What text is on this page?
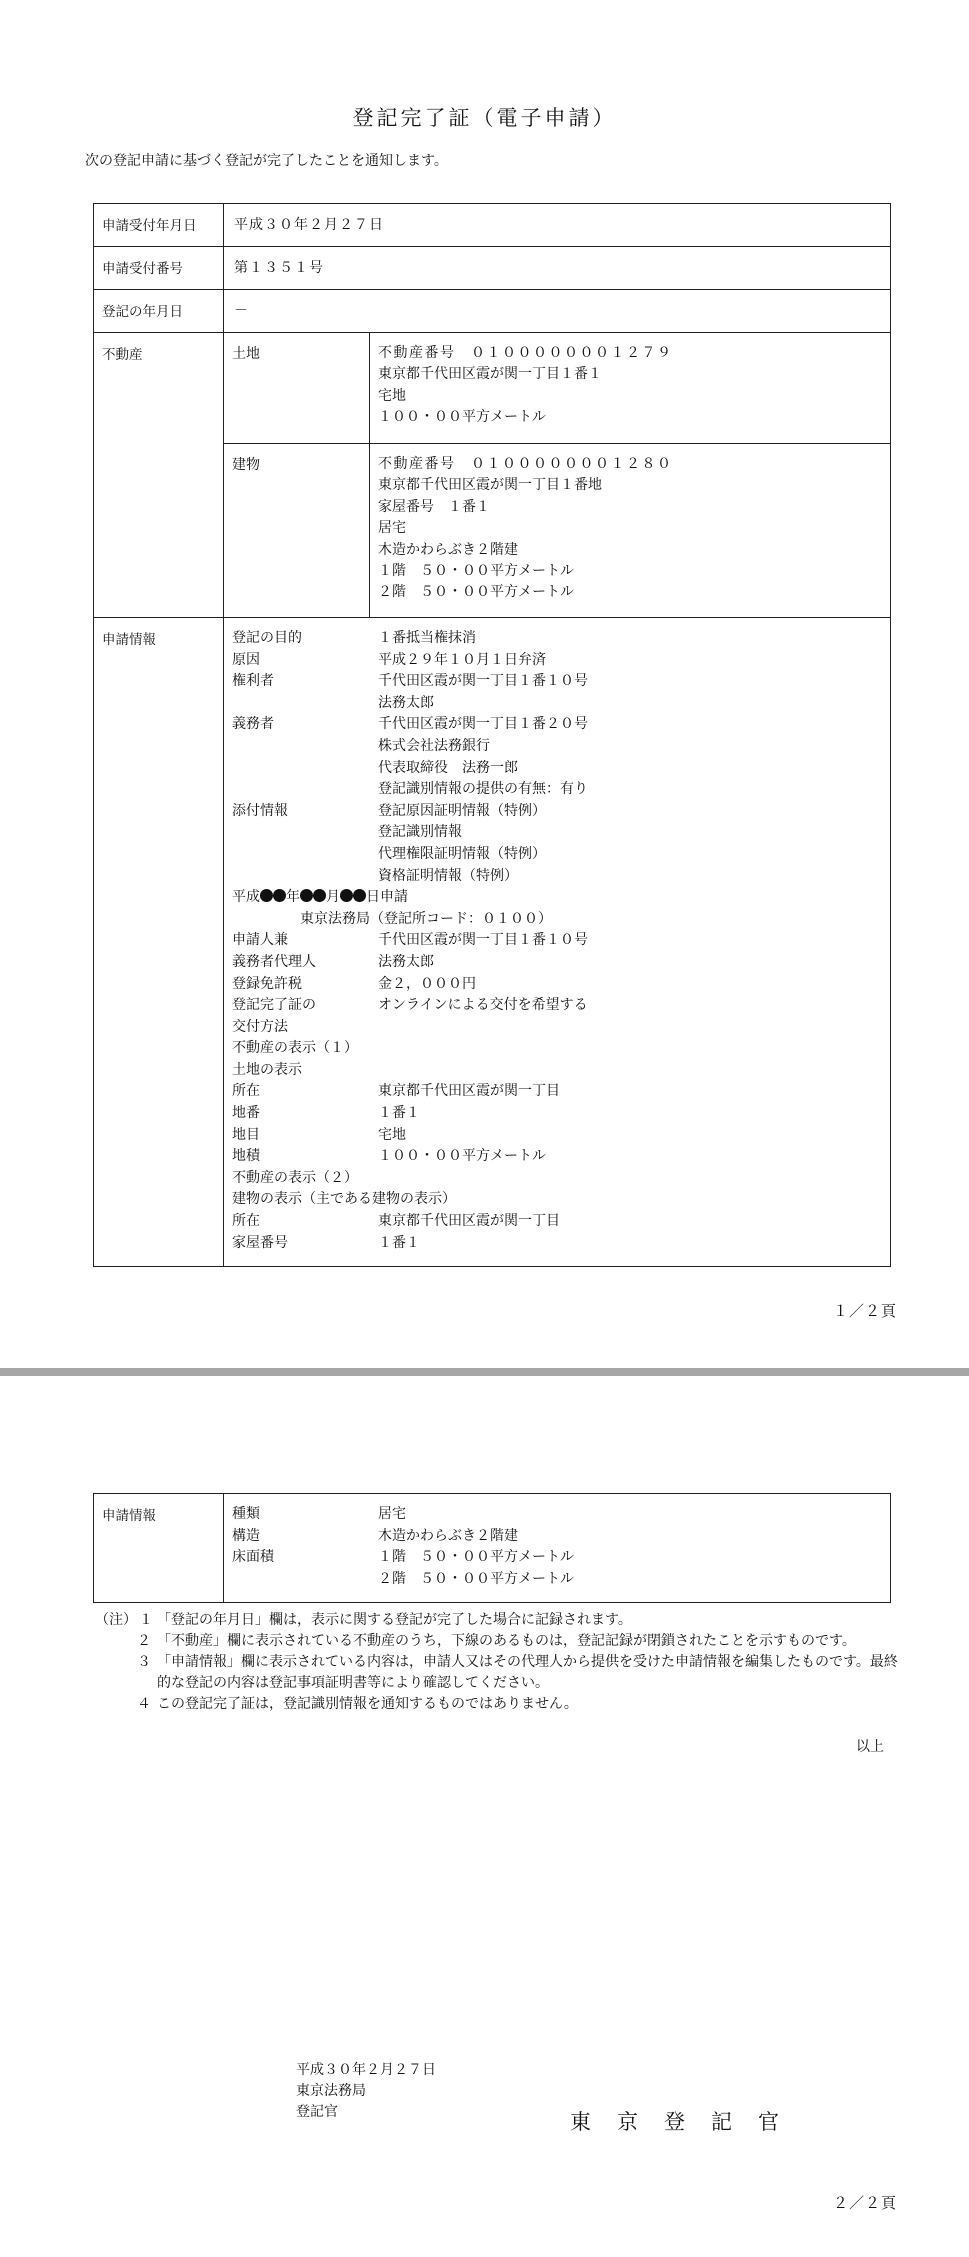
登記完了証（電子申請）
次の登記申請に基づく登記が完了したことを通知します。
申請受付年月日	平成３０年２月２７日
申請受付番号	第１３５１号
登記の年月日	－
不動産	土地	不動産番号　０１０００００００１２７９
東京都千代田区霞が関一丁目１番１
宅地
１００・００平方メートル
建物	不動産番号　０１０００００００１２８０
東京都千代田区霞が関一丁目１番地
家屋番号　１番１
居宅
木造かわらぶき２階建
１階　５０・００平方メートル
２階　５０・００平方メートル
申請情報	登記の目的	１番抵当権抹消
原因	平成２９年１０月１日弁済
権利者	千代田区霞が関一丁目１番１０号
法務太郎
義務者	千代田区霞が関一丁目１番２０号
株式会社法務銀行
代表取締役　法務一郎
登記識別情報の提供の有無：有り
添付情報	登記原因証明情報（特例）
登記識別情報
代理権限証明情報（特例）
資格証明情報（特例）
平成 年 月 日申請
東京法務局（登記所コード：０１００）
申請人兼	千代田区霞が関一丁目１番１０号
義務者代理人	法務太郎
登録免許税	金２，０００円
登記完了証の	オンラインによる交付を希望する
交付方法
不動産の表示（１）
土地の表示
所在	東京都千代田区霞が関一丁目
地番	１番１
地目	宅地
地積	１００・００平方メートル
不動産の表示（２）
建物の表示（主である建物の表示）
所在	東京都千代田区霞が関一丁目
家屋番号	１番１
１／２頁
申請情報	種類	居宅
構造	木造かわらぶき２階建
床面積	１階　５０・００平方メートル
２階　５０・００平方メートル
（注） １ 「登記の年月日」欄は，表示に関する登記が完了した場合に記録されます。
２ 「不動産」欄に表示されている不動産のうち，下線のあるものは，登記記録が閉鎖されたことを示すものです。
３ 「申請情報」欄に表示されている内容は，申請人又はその代理人から提供を受けた申請情報を編集したものです。最終的な登記の内容は登記事項証明書等により確認してください。
４ この登記完了証は，登記識別情報を通知するものではありません。
以上
平成３０年２月２７日
東京法務局
登記官	東京登記官
２／２頁
